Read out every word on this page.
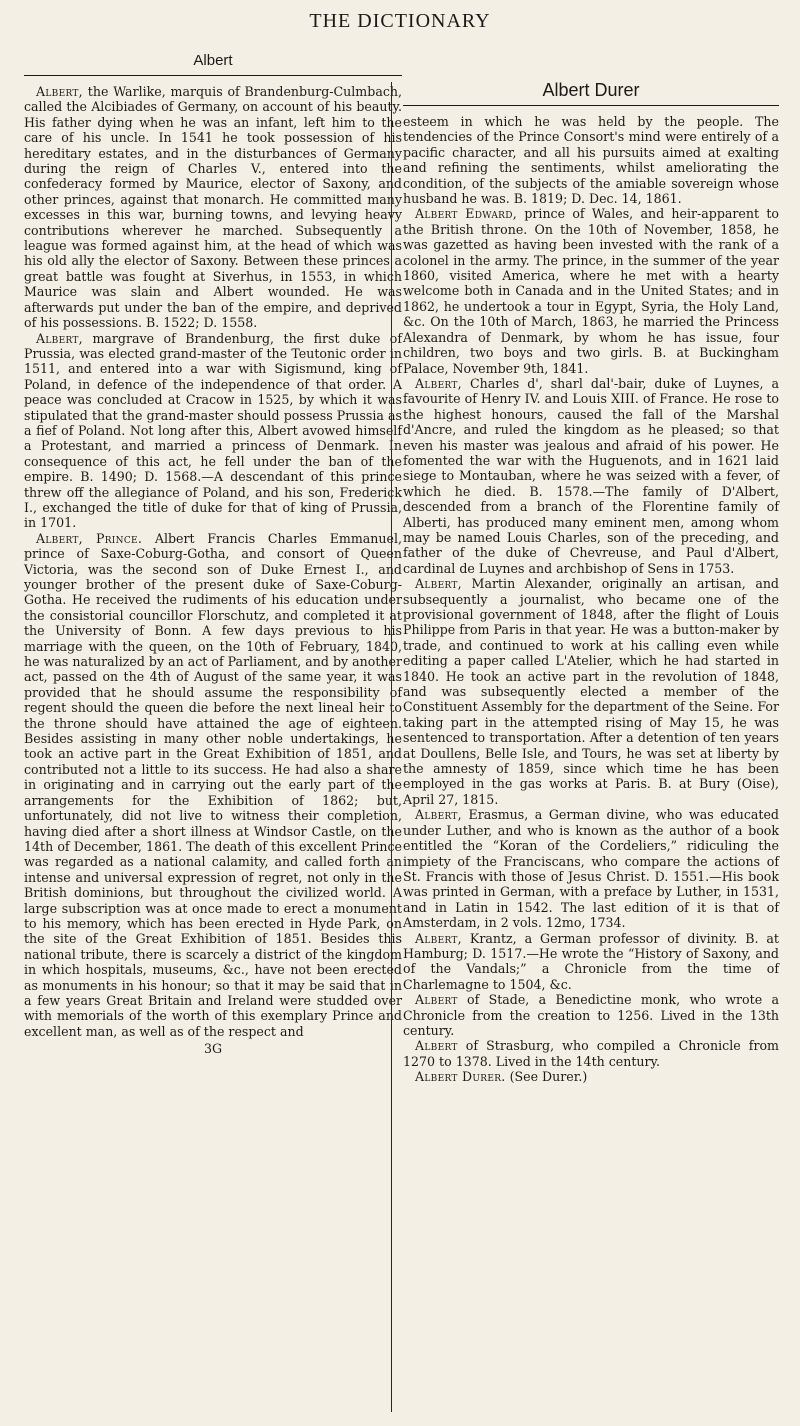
THE DICTIONARY
Albert

Albert, the Warlike, marquis of Brandenburg-Culmbach, called the Alcibiades of Germany, on account of his beauty. His father dying when he was an infant, left him to the care of his uncle. In 1541 he took possession of his hereditary estates, and in the disturbances of Germany during the reign of Charles V., entered into the confederacy formed by Maurice, elector of Saxony, and other princes, against that monarch. He committed many excesses in this war, burning towns, and levying heavy contributions wherever he marched. Subsequently a league was formed against him, at the head of which was his old ally the elector of Saxony. Between these princes a great battle was fought at Siverhus, in 1553, in which Maurice was slain and Albert wounded. He was afterwards put under the ban of the empire, and deprived of his possessions. B. 1522; D. 1558.

Albert, margrave of Brandenburg, the first duke of Prussia, was elected grand-master of the Teutonic order in 1511, and entered into a war with Sigismund, king of Poland, in defence of the independence of that order. A peace was concluded at Cracow in 1525, by which it was stipulated that the grand-master should possess Prussia as a fief of Poland. Not long after this, Albert avowed himself a Protestant, and married a princess of Denmark. In consequence of this act, he fell under the ban of the empire. B. 1490; D. 1568.—A descendant of this prince threw off the allegiance of Poland, and his son, Frederick I., exchanged the title of duke for that of king of Prussia, in 1701.

Albert, Prince. Albert Francis Charles Emmanuel, prince of Saxe-Coburg-Gotha, and consort of Queen Victoria, was the second son of Duke Ernest I., and younger brother of the present duke of Saxe-Coburg-Gotha. He received the rudiments of his education under the consistorial councillor Florschutz, and completed it at the University of Bonn. A few days previous to his marriage with the queen, on the 10th of February, 1840, he was naturalized by an act of Parliament, and by another act, passed on the 4th of August of the same year, it was provided that he should assume the responsibility of regent should the queen die before the next lineal heir to the throne should have attained the age of eighteen. Besides assisting in many other noble undertakings, he took an active part in the Great Exhibition of 1851, and contributed not a little to its success. He had also a share in originating and in carrying out the early part of the arrangements for the Exhibition of 1862; but, unfortunately, did not live to witness their completion, having died after a short illness at Windsor Castle, on the 14th of December, 1861. The death of this excellent Prince was regarded as a national calamity, and called forth an intense and universal expression of regret, not only in the British dominions, but throughout the civilized world. A large subscription was at once made to erect a monument to his memory, which has been erected in Hyde Park, on the site of the Great Exhibition of 1851. Besides this national tribute, there is scarcely a district of the kingdom in which hospitals, museums, &c., have not been erected as monuments in his honour; so that it may be said that in a few years Great Britain and Ireland were studded over with memorials of the worth of this exemplary Prince and excellent man, as well as of the respect and

3G
Albert Durer

esteem in which he was held by the people. The tendencies of the Prince Consort's mind were entirely of a pacific character, and all his pursuits aimed at exalting and refining the sentiments, whilst ameliorating the condition, of the subjects of the amiable sovereign whose husband he was. B. 1819; D. Dec. 14, 1861.

Albert Edward, prince of Wales, and heir-apparent to the British throne. On the 10th of November, 1858, he was gazetted as having been invested with the rank of a colonel in the army. The prince, in the summer of the year 1860, visited America, where he met with a hearty welcome both in Canada and in the United States; and in 1862, he undertook a tour in Egypt, Syria, the Holy Land, &c. On the 10th of March, 1863, he married the Princess Alexandra of Denmark, by whom he has issue, four children, two boys and two girls. B. at Buckingham Palace, November 9th, 1841.

Albert, Charles d', sharl dal'-bair, duke of Luynes, a favourite of Henry IV. and Louis XIII. of France. He rose to the highest honours, caused the fall of the Marshal d'Ancre, and ruled the kingdom as he pleased; so that even his master was jealous and afraid of his power. He fomented the war with the Huguenots, and in 1621 laid siege to Montauban, where he was seized with a fever, of which he died. B. 1578.—The family of D'Albert, descended from a branch of the Florentine family of Alberti, has produced many eminent men, among whom may be named Louis Charles, son of the preceding, and father of the duke of Chevreuse, and Paul d'Albert, cardinal de Luynes and archbishop of Sens in 1753.

Albert, Martin Alexander, originally an artisan, and subsequently a journalist, who became one of the provisional government of 1848, after the flight of Louis Philippe from Paris in that year. He was a button-maker by trade, and continued to work at his calling even while editing a paper called L'Atelier, which he had started in 1840. He took an active part in the revolution of 1848, and was subsequently elected a member of the Constituent Assembly for the department of the Seine. For taking part in the attempted rising of May 15, he was sentenced to transportation. After a detention of ten years at Doullens, Belle Isle, and Tours, he was set at liberty by the amnesty of 1859, since which time he has been employed in the gas works at Paris. B. at Bury (Oise), April 27, 1815.

Albert, Erasmus, a German divine, who was educated under Luther, and who is known as the author of a book entitled the “Koran of the Cordeliers,” ridiculing the impiety of the Franciscans, who compare the actions of St. Francis with those of Jesus Christ. D. 1551.—His book was printed in German, with a preface by Luther, in 1531, and in Latin in 1542. The last edition of it is that of Amsterdam, in 2 vols. 12mo, 1734.

Albert, Krantz, a German professor of divinity. B. at Hamburg; D. 1517.—He wrote the “History of Saxony, and of the Vandals;” a Chronicle from the time of Charlemagne to 1504, &c.

Albert of Stade, a Benedictine monk, who wrote a Chronicle from the creation to 1256. Lived in the 13th century.

Albert of Strasburg, who compiled a Chronicle from 1270 to 1378. Lived in the 14th century.

Albert Durer. (See Durer.)
